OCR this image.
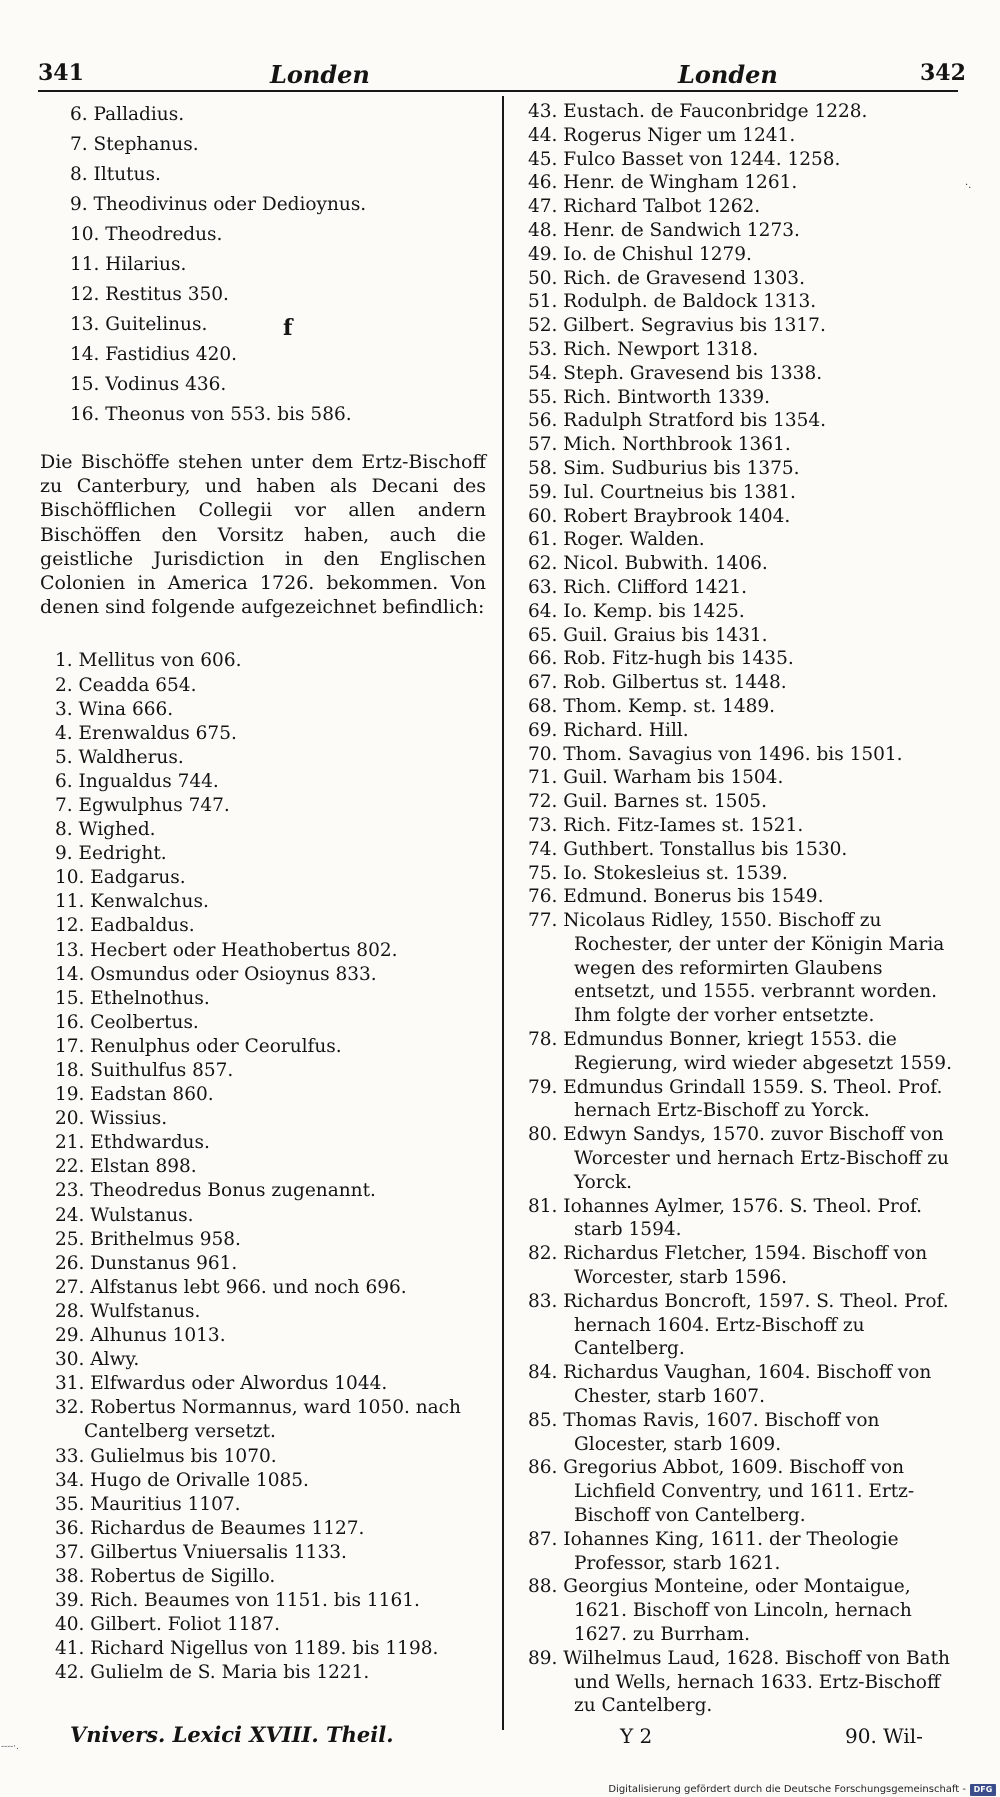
341	Londen	Londen	342
f
·.
6. Palladius.
7. Stephanus.
8. Iltutus.
9. Theodivinus oder Dedioynus.
10. Theodredus.
11. Hilarius.
12. Restitus 350.
13. Guitelinus.
14. Fastidius 420.
15. Vodinus 436.
16. Theonus von 553. bis 586.

Die Bischöffe stehen unter dem Ertz-Bischoff zu Canterbury, und haben als Decani des Bischöfflichen Collegii vor allen andern Bischöffen den Vorsitz haben, auch die geistliche Jurisdiction in den Englischen Colonien in America 1726. bekommen. Von denen sind folgende aufgezeichnet befindlich:

1. Mellitus von 606.
2. Ceadda 654.
3. Wina 666.
4. Erenwaldus 675.
5. Waldherus.
6. Ingualdus 744.
7. Egwulphus 747.
8. Wighed.
9. Eedright.
10. Eadgarus.
11. Kenwalchus.
12. Eadbaldus.
13. Hecbert oder Heathobertus 802.
14. Osmundus oder Osioynus 833.
15. Ethelnothus.
16. Ceolbertus.
17. Renulphus oder Ceorulfus.
18. Suithulfus 857.
19. Eadstan 860.
20. Wissius.
21. Ethdwardus.
22. Elstan 898.
23. Theodredus Bonus zugenannt.
24. Wulstanus.
25. Brithelmus 958.
26. Dunstanus 961.
27. Alfstanus lebt 966. und noch 696.
28. Wulfstanus.
29. Alhunus 1013.
30. Alwy.
31. Elfwardus oder Alwordus 1044.
32. Robertus Normannus, ward 1050. nach Cantelberg versetzt.
33. Gulielmus bis 1070.
34. Hugo de Orivalle 1085.
35. Mauritius 1107.
36. Richardus de Beaumes 1127.
37. Gilbertus Vniuersalis 1133.
38. Robertus de Sigillo.
39. Rich. Beaumes von 1151. bis 1161.
40. Gilbert. Foliot 1187.
41. Richard Nigellus von 1189. bis 1198.
42. Gulielm de S. Maria bis 1221.
43. Eustach. de Fauconbridge 1228.
44. Rogerus Niger um 1241.
45. Fulco Basset von 1244. 1258.
46. Henr. de Wingham 1261.
47. Richard Talbot 1262.
48. Henr. de Sandwich 1273.
49. Io. de Chishul 1279.
50. Rich. de Gravesend 1303.
51. Rodulph. de Baldock 1313.
52. Gilbert. Segravius bis 1317.
53. Rich. Newport 1318.
54. Steph. Gravesend bis 1338.
55. Rich. Bintworth 1339.
56. Radulph Stratford bis 1354.
57. Mich. Northbrook 1361.
58. Sim. Sudburius bis 1375.
59. Iul. Courtneius bis 1381.
60. Robert Braybrook 1404.
61. Roger. Walden.
62. Nicol. Bubwith. 1406.
63. Rich. Clifford 1421.
64. Io. Kemp. bis 1425.
65. Guil. Graius bis 1431.
66. Rob. Fitz-hugh bis 1435.
67. Rob. Gilbertus st. 1448.
68. Thom. Kemp. st. 1489.
69. Richard. Hill.
70. Thom. Savagius von 1496. bis 1501.
71. Guil. Warham bis 1504.
72. Guil. Barnes st. 1505.
73. Rich. Fitz-Iames st. 1521.
74. Guthbert. Tonstallus bis 1530.
75. Io. Stokesleius st. 1539.
76. Edmund. Bonerus bis 1549.
77. Nicolaus Ridley, 1550. Bischoff zu Rochester, der unter der Königin Maria wegen des reformirten Glaubens entsetzt, und 1555. verbrannt worden. Ihm folgte der vorher entsetzte.
78. Edmundus Bonner, kriegt 1553. die Regierung, wird wieder abgesetzt 1559.
79. Edmundus Grindall 1559. S. Theol. Prof. hernach Ertz-Bischoff zu Yorck.
80. Edwyn Sandys, 1570. zuvor Bischoff von Worcester und hernach Ertz-Bischoff zu Yorck.
81. Iohannes Aylmer, 1576. S. Theol. Prof. starb 1594.
82. Richardus Fletcher, 1594. Bischoff von Worcester, starb 1596.
83. Richardus Boncroft, 1597. S. Theol. Prof. hernach 1604. Ertz-Bischoff zu Cantelberg.
84. Richardus Vaughan, 1604. Bischoff von Chester, starb 1607.
85. Thomas Ravis, 1607. Bischoff von Glocester, starb 1609.
86. Gregorius Abbot, 1609. Bischoff von Lichfield Conventry, und 1611. Ertz-Bischoff von Cantelberg.
87. Iohannes King, 1611. der Theologie Professor, starb 1621.
88. Georgius Monteine, oder Montaigue, 1621. Bischoff von Lincoln, hernach 1627. zu Burrham.
89. Wilhelmus Laud, 1628. Bischoff von Bath und Wells, hernach 1633. Ertz-Bischoff zu Cantelberg.
Vnivers. Lexici XVIII. Theil.	Y 2	90. Wil-
----·.
Digitalisierung gefördert durch die Deutsche Forschungsgemeinschaft - DFG
